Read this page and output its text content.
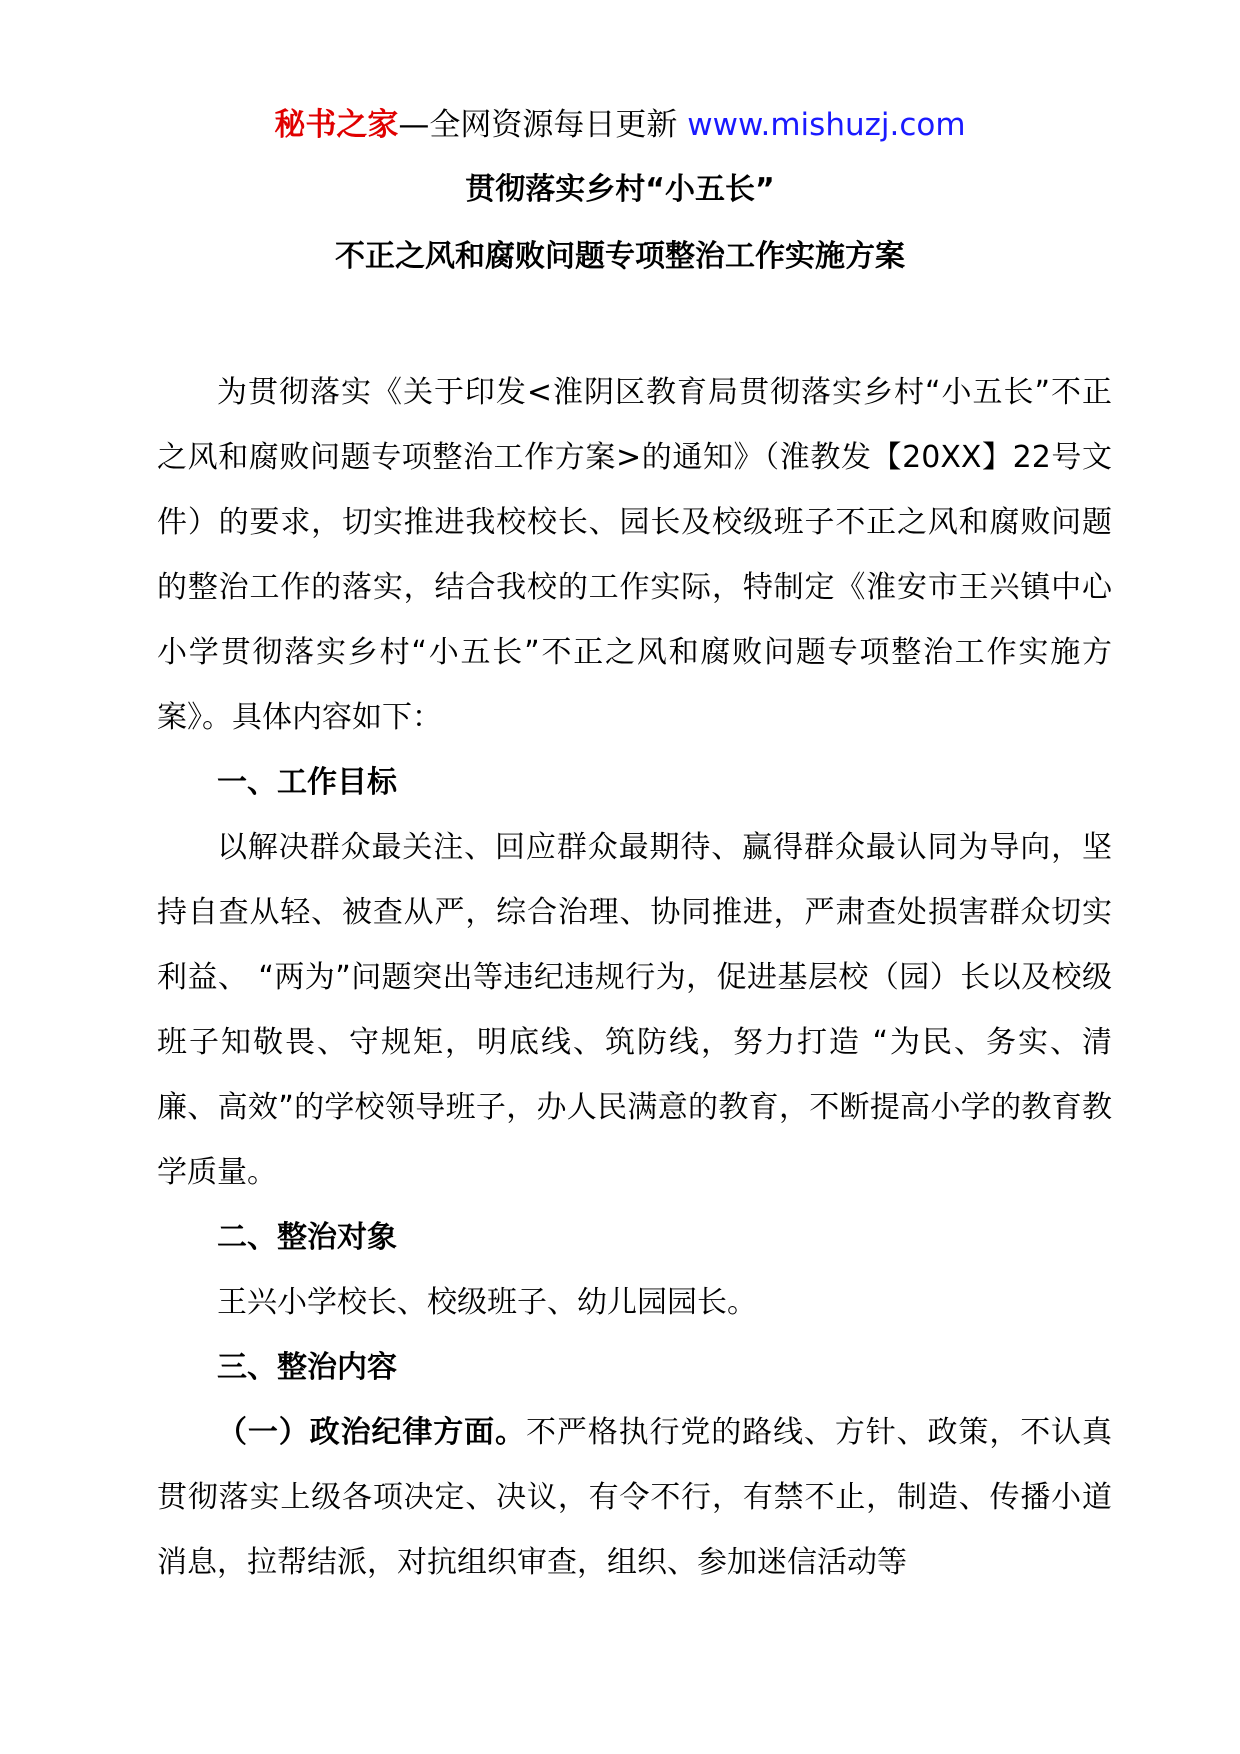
秘书之家—全网资源每日更新 www.mishuzj.com
贯彻落实乡村“小五长”
不正之风和腐败问题专项整治工作实施方案

为贯彻落实《关于印发<淮阴区教育局贯彻落实乡村“小五长”不正之风和腐败问题专项整治工作方案>的通知》（淮教发【20XX】22号文件）的要求，切实推进我校校长、园长及校级班子不正之风和腐败问题的整治工作的落实，结合我校的工作实际，特制定《淮安市王兴镇中心小学贯彻落实乡村“小五长”不正之风和腐败问题专项整治工作实施方案》。具体内容如下：

一、工作目标

以解决群众最关注、回应群众最期待、赢得群众最认同为导向，坚持自查从轻、被查从严，综合治理、协同推进，严肃查处损害群众切实利益、 “两为”问题突出等违纪违规行为，促进基层校（园）长以及校级班子知敬畏、守规矩，明底线、筑防线，努力打造 “为民、务实、清廉、高效”的学校领导班子，办人民满意的教育，不断提高小学的教育教学质量。

二、整治对象

王兴小学校长、校级班子、幼儿园园长。

三、整治内容

（一）政治纪律方面。不严格执行党的路线、方针、政策，不认真贯彻落实上级各项决定、决议，有令不行，有禁不止，制造、传播小道消息，拉帮结派，对抗组织审查，组织、参加迷信活动等
